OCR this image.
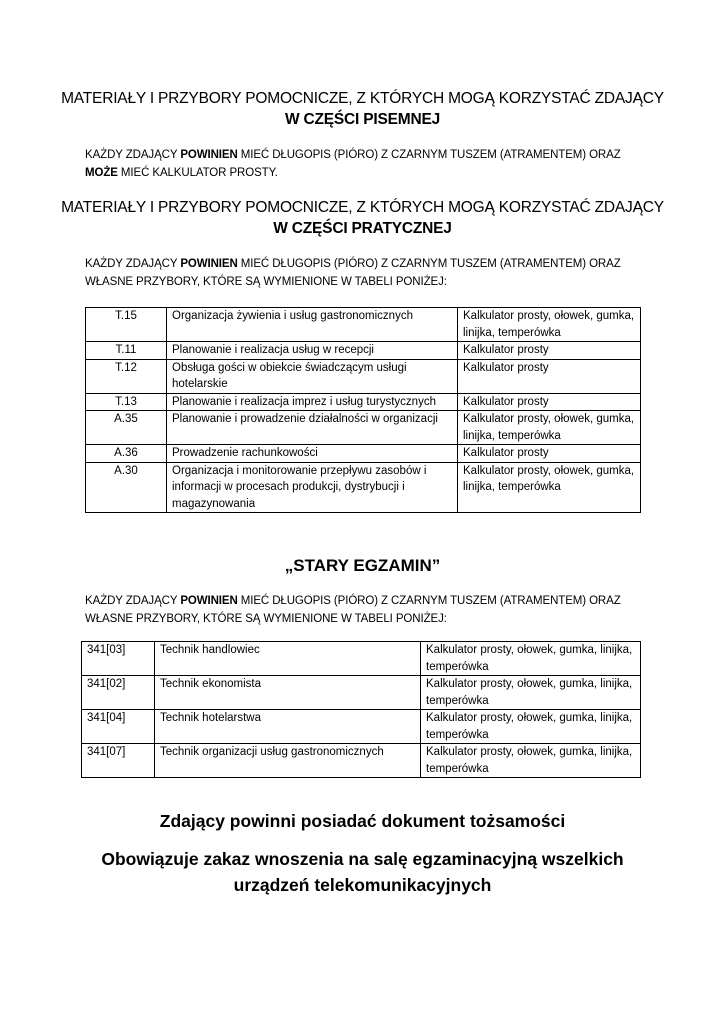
MATERIAŁY I PRZYBORY POMOCNICZE, Z KTÓRYCH MOGĄ KORZYSTAĆ ZDAJĄCY
W CZĘŚCI PISEMNEJ
KAŻDY ZDAJĄCY POWINIEN MIEĆ DŁUGOPIS (PIÓRO) Z CZARNYM TUSZEM (ATRAMENTEM) ORAZ
MOŻE MIEĆ KALKULATOR PROSTY.
MATERIAŁY I PRZYBORY POMOCNICZE, Z KTÓRYCH MOGĄ KORZYSTAĆ ZDAJĄCY
W CZĘŚCI PRATYCZNEJ
KAŻDY ZDAJĄCY POWINIEN MIEĆ DŁUGOPIS (PIÓRO) Z CZARNYM TUSZEM (ATRAMENTEM) ORAZ
WŁASNE PRZYBORY, KTÓRE SĄ WYMIENIONE W TABELI PONIŻEJ:
T.15	Organizacja żywienia i usług gastronomicznych	Kalkulator prosty, ołowek, gumka, linijka, temperówka
T.11	Planowanie i realizacja usług w recepcji	Kalkulator prosty
T.12	Obsługa gości w obiekcie świadczącym usługi hotelarskie	Kalkulator prosty
T.13	Planowanie i realizacja imprez i usług turystycznych	Kalkulator prosty
A.35	Planowanie i prowadzenie działalności w organizacji	Kalkulator prosty, ołowek, gumka, linijka, temperówka
A.36	Prowadzenie rachunkowości	Kalkulator prosty
A.30	Organizacja i monitorowanie przepływu zasobów i informacji w procesach produkcji, dystrybucji i magazynowania	Kalkulator prosty, ołowek, gumka, linijka, temperówka
„STARY EGZAMIN”
KAŻDY ZDAJĄCY POWINIEN MIEĆ DŁUGOPIS (PIÓRO) Z CZARNYM TUSZEM (ATRAMENTEM) ORAZ
WŁASNE PRZYBORY, KTÓRE SĄ WYMIENIONE W TABELI PONIŻEJ:
341[03]	Technik handlowiec	Kalkulator prosty, ołowek, gumka, linijka, temperówka
341[02]	Technik ekonomista	Kalkulator prosty, ołowek, gumka, linijka, temperówka
341[04]	Technik hotelarstwa	Kalkulator prosty, ołowek, gumka, linijka, temperówka
341[07]	Technik organizacji usług gastronomicznych	Kalkulator prosty, ołowek, gumka, linijka, temperówka
Zdający powinni posiadać dokument tożsamości
Obowiązuje zakaz wnoszenia na salę egzaminacyjną wszelkich urządzeń telekomunikacyjnych
